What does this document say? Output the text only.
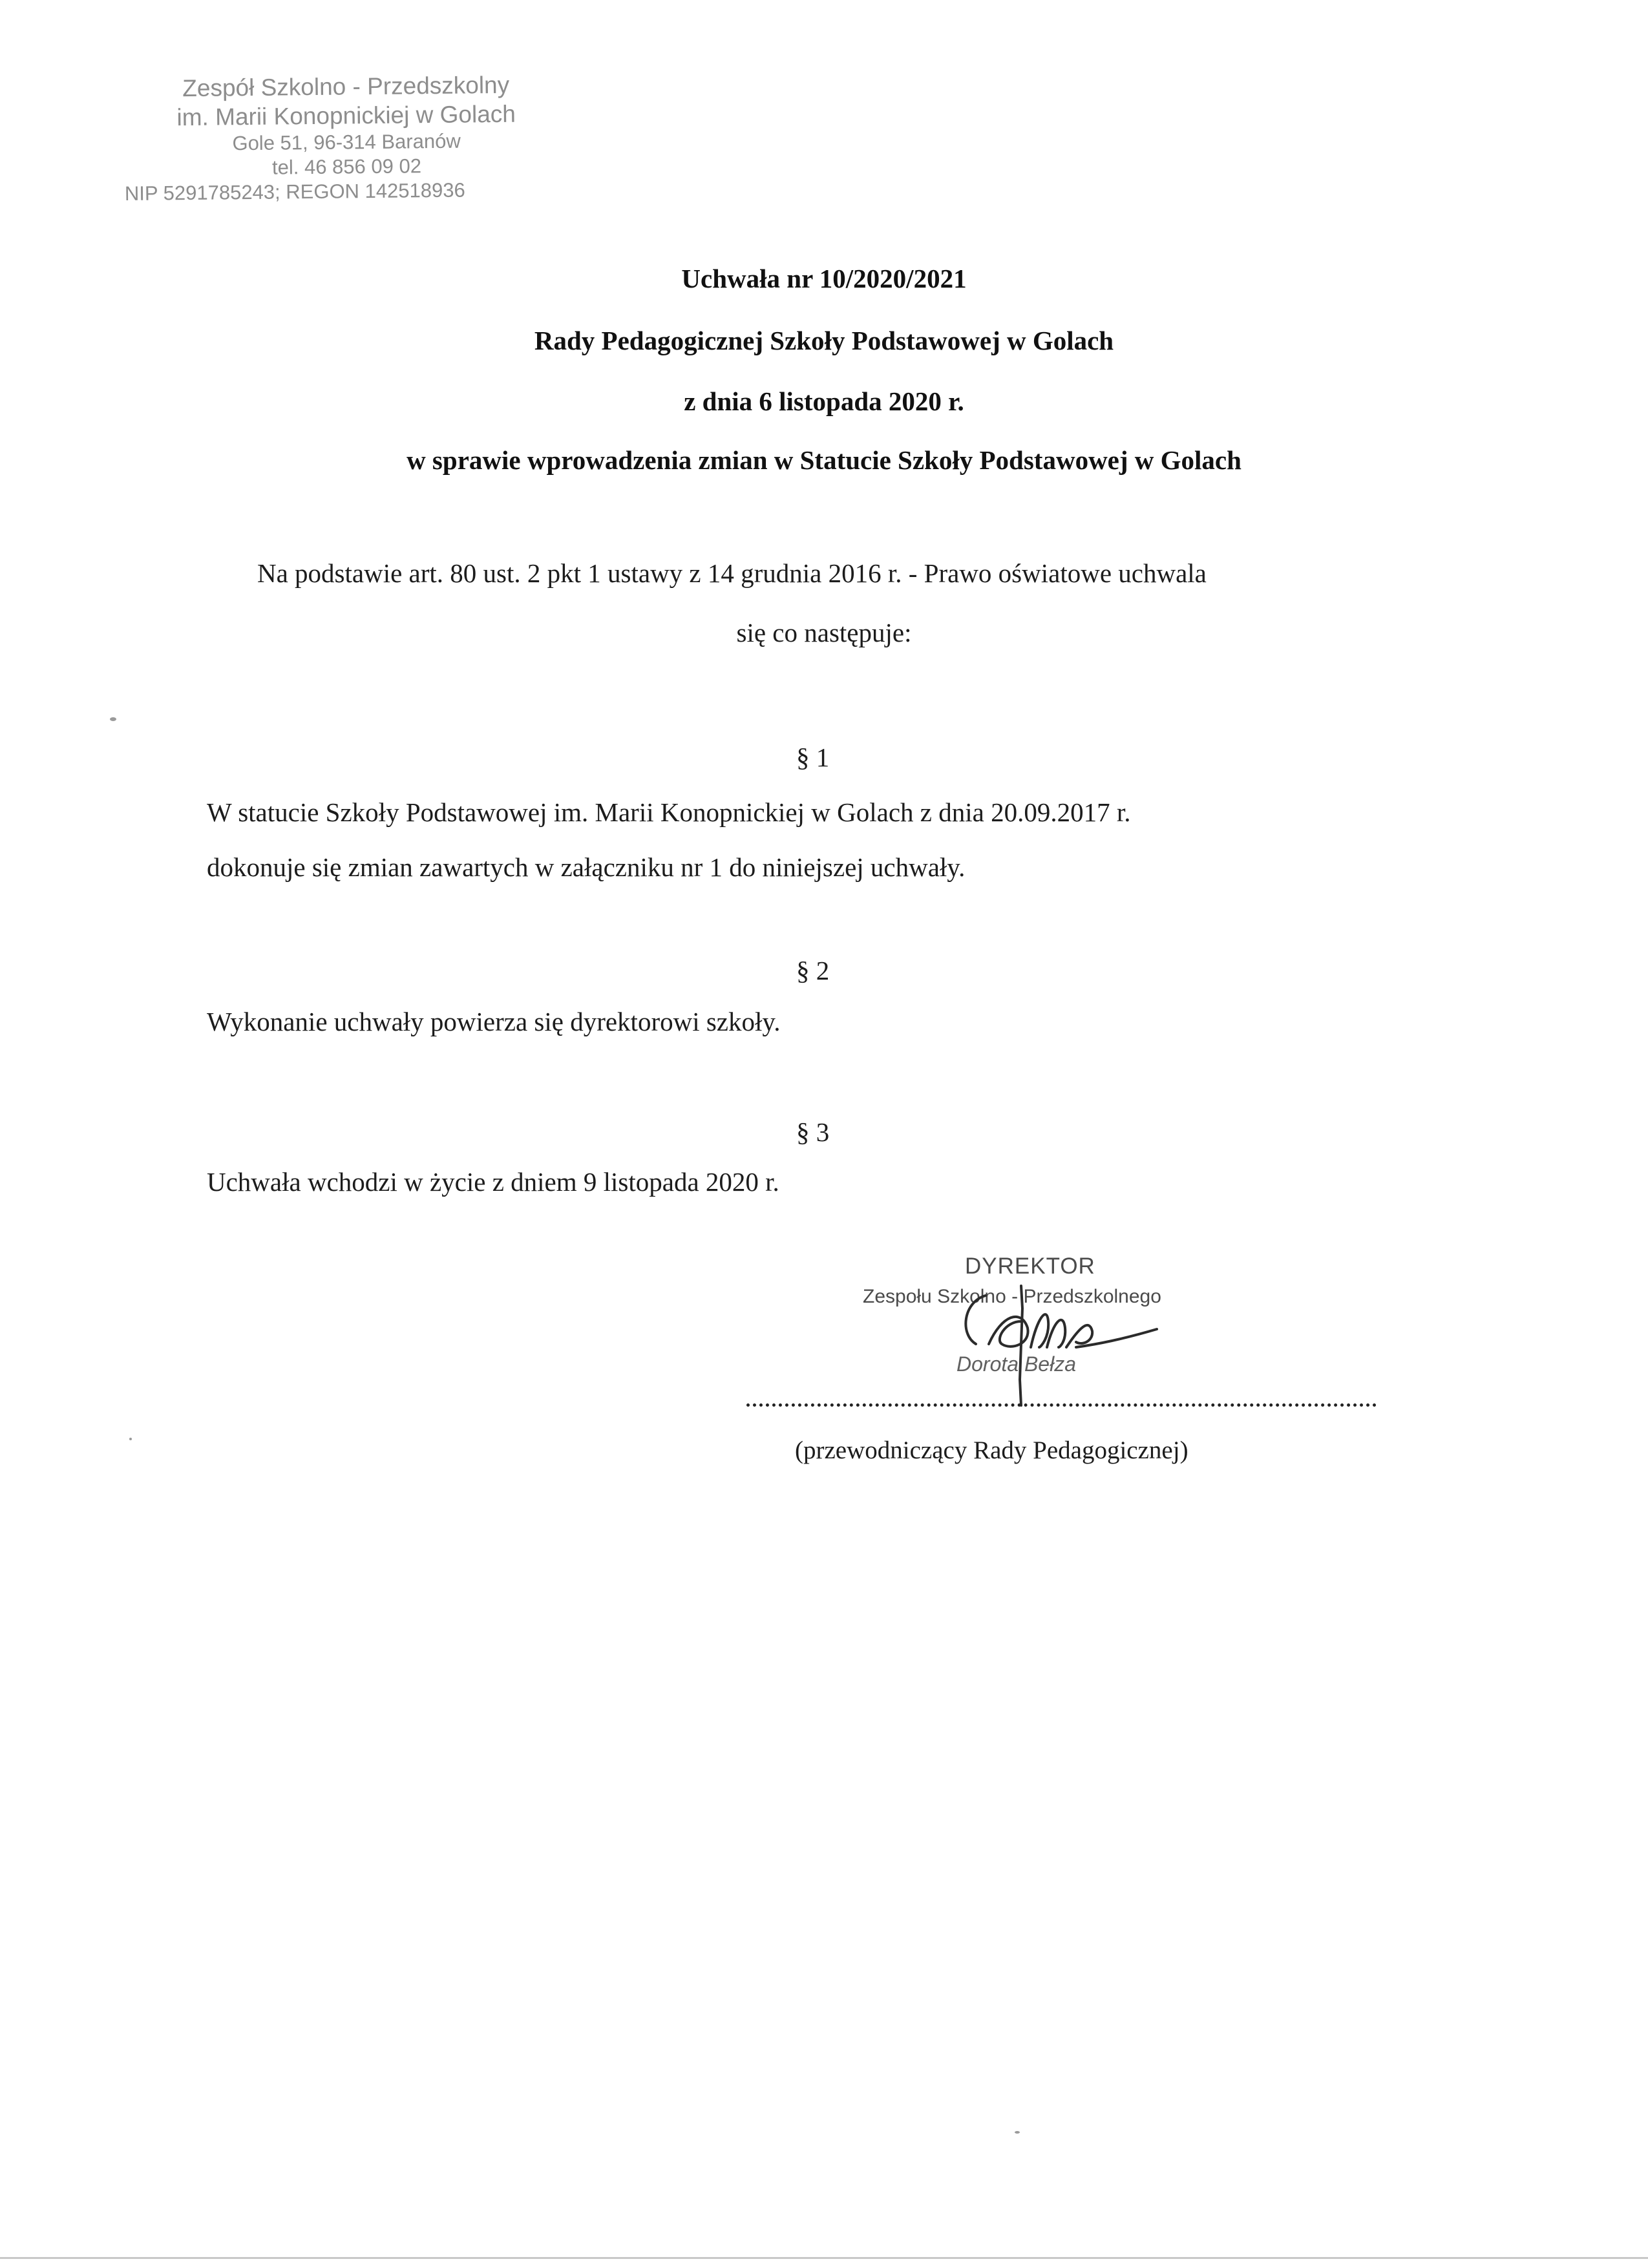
Zespół Szkolno - Przedszkolny
im. Marii Konopnickiej w Golach
Gole 51, 96-314 Baranów
tel. 46 856 09 02
NIP 5291785243; REGON 142518936
Uchwała nr 10/2020/2021
Rady Pedagogicznej Szkoły Podstawowej w Golach
z dnia 6 listopada 2020 r.
w sprawie wprowadzenia zmian w Statucie Szkoły Podstawowej w Golach
Na podstawie art. 80 ust. 2 pkt 1 ustawy z 14 grudnia 2016 r. - Prawo oświatowe uchwala
się co następuje:
§ 1
W statucie Szkoły Podstawowej im. Marii Konopnickiej w Golach z dnia 20.09.2017 r.
dokonuje się zmian zawartych w załączniku nr 1 do niniejszej uchwały.
§ 2
Wykonanie uchwały powierza się dyrektorowi szkoły.
§ 3
Uchwała wchodzi w życie z dniem 9 listopada 2020 r.
DYREKTOR
Zespołu Szkolno - Przedszkolnego
Dorota Bełza
(przewodniczący Rady Pedagogicznej)
